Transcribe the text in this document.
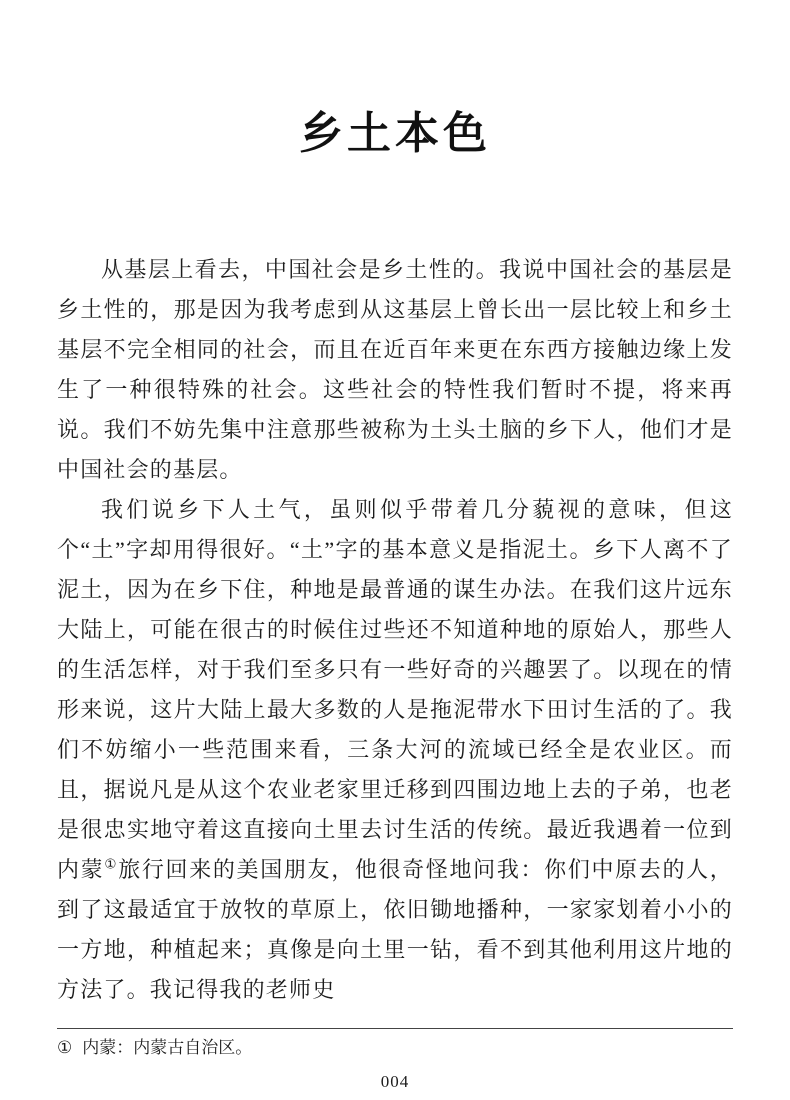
乡土本色

从基层上看去，中国社会是乡土性的。我说中国社会的基层是乡土性的，那是因为我考虑到从这基层上曾长出一层比较上和乡土基层不完全相同的社会，而且在近百年来更在东西方接触边缘上发生了一种很特殊的社会。这些社会的特性我们暂时不提，将来再说。我们不妨先集中注意那些被称为土头土脑的乡下人，他们才是中国社会的基层。

我们说乡下人土气，虽则似乎带着几分藐视的意味，但这个“土”字却用得很好。“土”字的基本意义是指泥土。乡下人离不了泥土，因为在乡下住，种地是最普通的谋生办法。在我们这片远东大陆上，可能在很古的时候住过些还不知道种地的原始人，那些人的生活怎样，对于我们至多只有一些好奇的兴趣罢了。以现在的情形来说，这片大陆上最大多数的人是拖泥带水下田讨生活的了。我们不妨缩小一些范围来看，三条大河的流域已经全是农业区。而且，据说凡是从这个农业老家里迁移到四围边地上去的子弟，也老是很忠实地守着这直接向土里去讨生活的传统。最近我遇着一位到内蒙①旅行回来的美国朋友，他很奇怪地问我：你们中原去的人，到了这最适宜于放牧的草原上，依旧锄地播种，一家家划着小小的一方地，种植起来；真像是向土里一钻，看不到其他利用这片地的方法了。我记得我的老师史

① 内蒙：内蒙古自治区。

004
